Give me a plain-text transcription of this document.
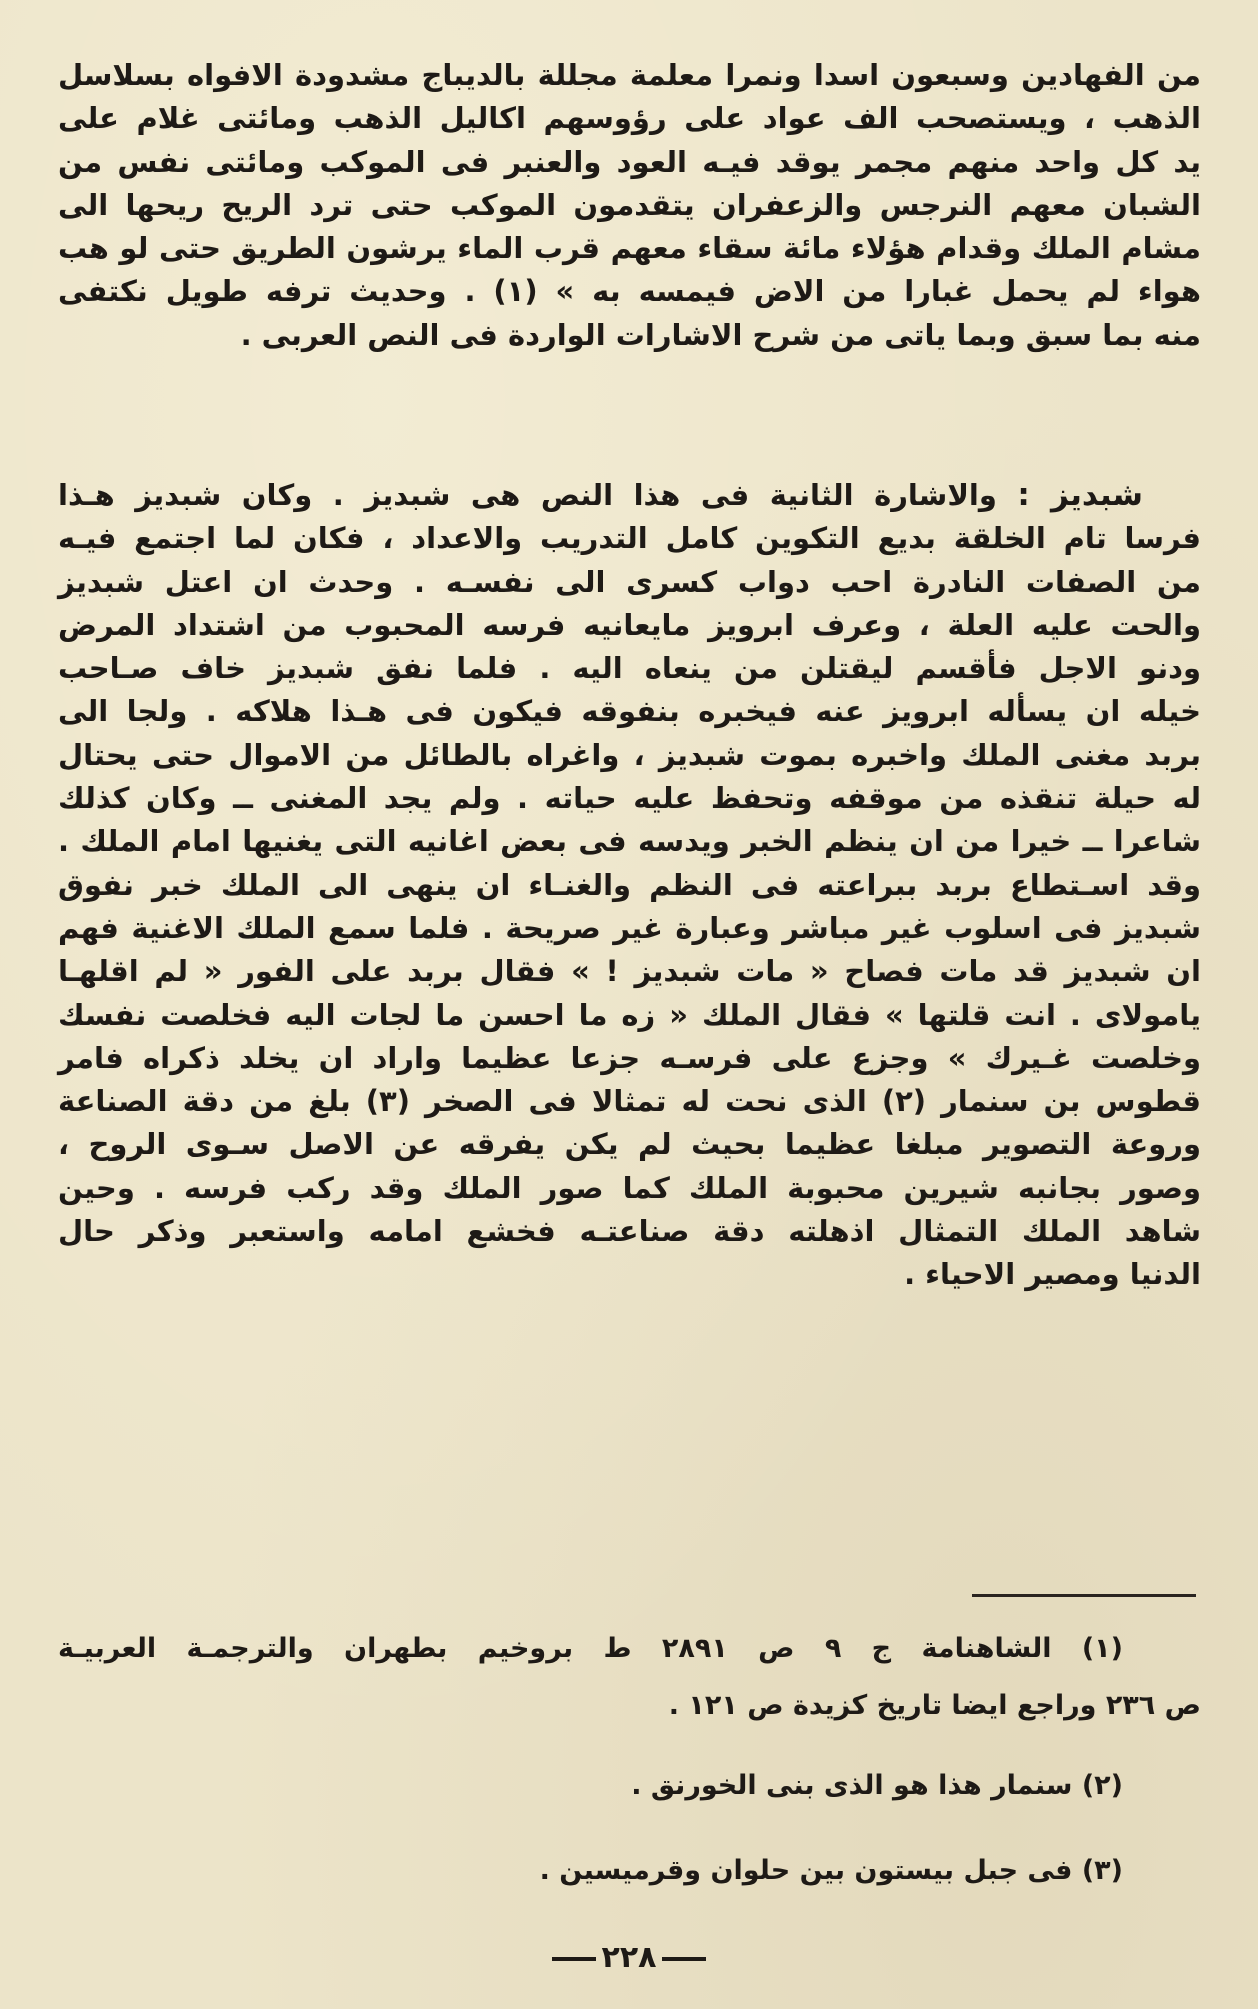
من الفهادين وسبعون اسدا ونمرا معلمة مجللة بالديباج مشدودة الافواه بسلاسل
الذهب ، ويستصحب الف عواد على رؤوسهم اكاليل الذهب ومائتى غلام على
يد كل واحد منهم مجمر يوقد فيـه العود والعنبر فى الموكب ومائتى نفس من
الشبان معهم النرجس والزعفران يتقدمون الموكب حتى ترد الريح ريحها الى
مشام الملك وقدام هؤلاء مائة سقاء معهم قرب الماء يرشون الطريق حتى لو هب
هواء لم يحمل غبارا من الاض فيمسه به » (١) . وحديث ترفه طويل نكتفى
منه بما سبق وبما ياتى من شرح الاشارات الواردة فى النص العربى .
شبديز : والاشارة الثانية فى هذا النص هى شبديز . وكان شبديز هـذا
فرسا تام الخلقة بديع التكوين كامل التدريب والاعداد ، فكان لما اجتمع فيـه
من الصفات النادرة احب دواب كسرى الى نفسـه . وحدث ان اعتل شبديز
والحت عليه العلة ، وعرف ابرويز مايعانيه فرسه المحبوب من اشتداد المرض
ودنو الاجل فأقسم ليقتلن من ينعاه اليه . فلما نفق شبديز خاف صـاحب
خيله ان يسأله ابرويز عنه فيخبره بنفوقه فيكون فى هـذا هلاكه . ولجا الى
بربد مغنى الملك واخبره بموت شبديز ، واغراه بالطائل من الاموال حتى يحتال
له حيلة تنقذه من موقفه وتحفظ عليه حياته . ولم يجد المغنى ــ وكان كذلك
شاعرا ــ خيرا من ان ينظم الخبر ويدسه فى بعض اغانيه التى يغنيها امام الملك .
وقد اسـتطاع بربد ببراعته فى النظم والغنـاء ان ينهى الى الملك خبر نفوق
شبديز فى اسلوب غير مباشر وعبارة غير صريحة . فلما سمع الملك الاغنية فهم
ان شبديز قد مات فصاح « مات شبديز ! » فقال بربد على الفور « لم اقلهـا
يامولاى . انت قلتها » فقال الملك « زه ما احسن ما لجات اليه فخلصت نفسك
وخلصت غـيرك » وجزع على فرسـه جزعا عظيما واراد ان يخلد ذكراه فامر
قطوس بن سنمار (٢) الذى نحت له تمثالا فى الصخر (٣) بلغ من دقة الصناعة
وروعة التصوير مبلغا عظيما بحيث لم يكن يفرقه عن الاصل سـوى الروح ،
وصور بجانبه شيرين محبوبة الملك كما صور الملك وقد ركب فرسه . وحين
شاهد الملك التمثال اذهلته دقة صناعتـه فخشع امامه واستعبر وذكر حال
الدنيا ومصير الاحياء .
(١) الشاهنامة ج ٩ ص ٢٨٩١ ط بروخيم بطهران والترجمـة العربيـة
ص ٢٣٦ وراجع ايضا تاريخ كزيدة ص ١٢١ .
(٢) سنمار هذا هو الذى بنى الخورنق .
(٣) فى جبل بيستون بين حلوان وقرميسين .
٢٢٨
